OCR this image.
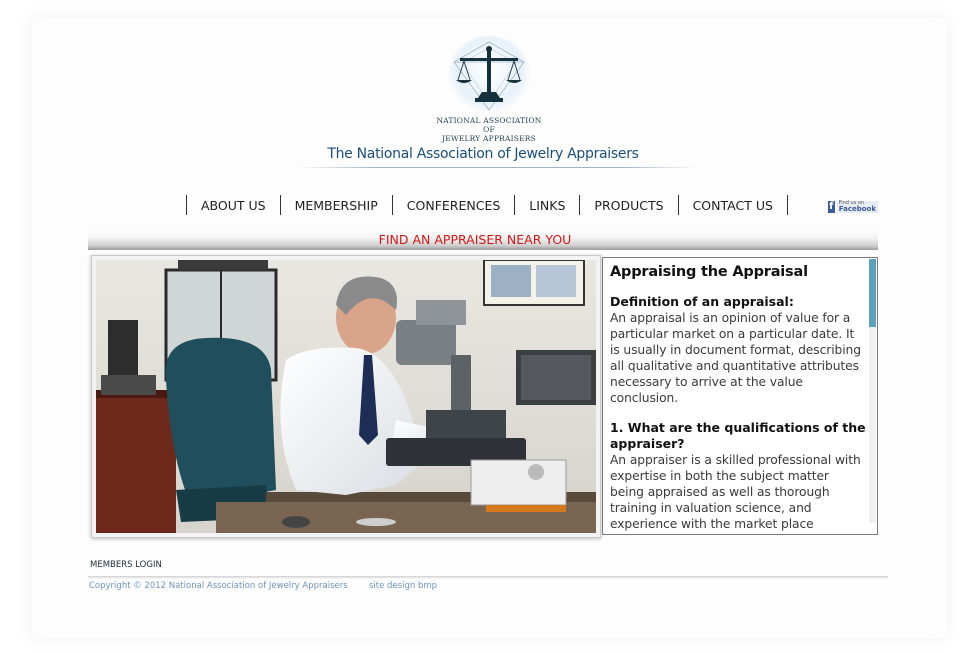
NATIONAL ASSOCIATION OF
JEWELRY APPRAISERS
The National Association of Jewelry Appraisers
ABOUT US	MEMBERSHIP	CONFERENCES	LINKS	PRODUCTS	CONTACT US	f Find us on
Facebook
FIND AN APPRAISER NEAR YOU
Appraising the Appraisal
Definition of an appraisal:
An appraisal is an opinion of value for a particular market on a particular date. It is usually in document format, describing all qualitative and quantitative attributes necessary to arrive at the value conclusion.
1. What are the qualifications of the appraiser?
An appraiser is a skilled professional with expertise in both the subject matter being appraised as well as thorough training in valuation science, and experience with the market place
MEMBERS LOGIN
Copyright © 2012 National Association of Jewelry Appraisers	site design bmp
